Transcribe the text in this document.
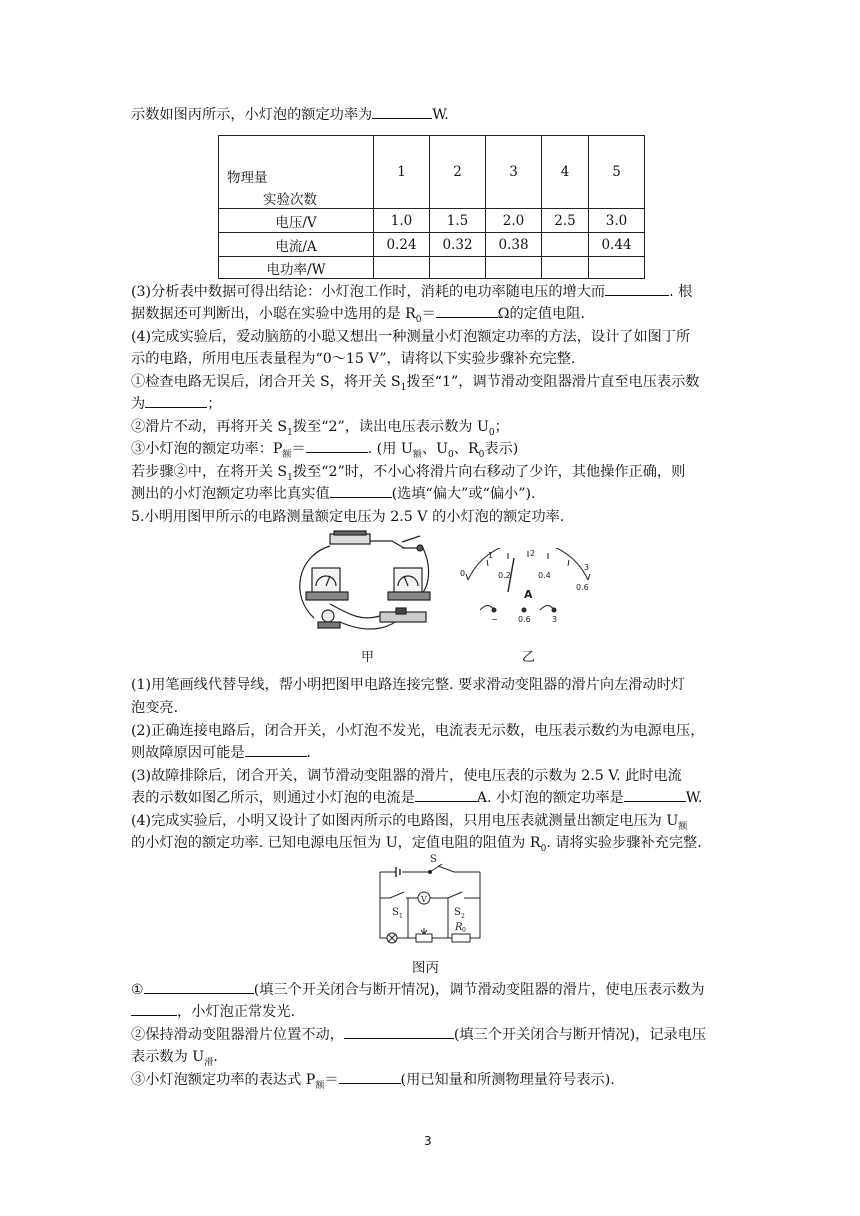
示数如图丙所示，小灯泡的额定功率为	W.
物理量
实验次数	1	2	3	4	5
电压/V	1.0	1.5	2.0	2.5	3.0
电流/A	0.24	0.32	0.38		0.44
电功率/W					
(3)分析表中数据可得出结论：小灯泡工作时，消耗的电功率随电压的增大而	. 根
据数据还可判断出，小聪在实验中选用的是 $R_0=$	Ω的定值电阻.
(4)完成实验后，爱动脑筋的小聪又想出一种测量小灯泡额定功率的方法，设计了如图丁所
示的电路，所用电压表量程为“0～15 V”，请将以下实验步骤补充完整.
①检查电路无误后，闭合开关 S，将开关 $S_1$拨至“1”，调节滑动变阻器滑片直至电压表示数
为	；
②滑片不动，再将开关 $S_1$拨至“2”，读出电压表示数为 $U_0$；
③小灯泡的额定功率：$P_额=$	. (用 $U_额$、$U_0$、$R_0$表示)
若步骤②中，在将开关 $S_1$拨至“2”时，不小心将滑片向右移动了少许，其他操作正确，则
测出的小灯泡额定功率比真实值	(选填“偏大”或“偏小”).
5.小明用图甲所示的电路测量额定电压为 2.5 V 的小灯泡的额定功率.
甲
0	0.2	0.4
0.6
1	2
3
A
−	0.6	3
乙
(1)用笔画线代替导线，帮小明把图甲电路连接完整. 要求滑动变阻器的滑片向左滑动时灯
泡变亮.
(2)正确连接电路后，闭合开关，小灯泡不发光，电流表无示数，电压表示数约为电源电压，
则故障原因可能是	.
(3)故障排除后，闭合开关，调节滑动变阻器的滑片，使电压表的示数为 2.5 V. 此时电流
表的示数如图乙所示，则通过小灯泡的电流是	A. 小灯泡的额定功率是	W.
(4)完成实验后，小明又设计了如图丙所示的电路图，只用电压表就测量出额定电压为 $U_额$
的小灯泡的额定功率. 已知电源电压恒为 U，定值电阻的阻值为 $R_0$. 请将实验步骤补充完整.
S
S 1	S 2
V
R 0
图丙
①	(填三个开关闭合与断开情况)，调节滑动变阻器的滑片，使电压表示数为
，小灯泡正常发光.
②保持滑动变阻器滑片位置不动，	(填三个开关闭合与断开情况)，记录电压
表示数为 $U_滑$.
③小灯泡额定功率的表达式 $P_额=$	(用已知量和所测物理量符号表示).
3
